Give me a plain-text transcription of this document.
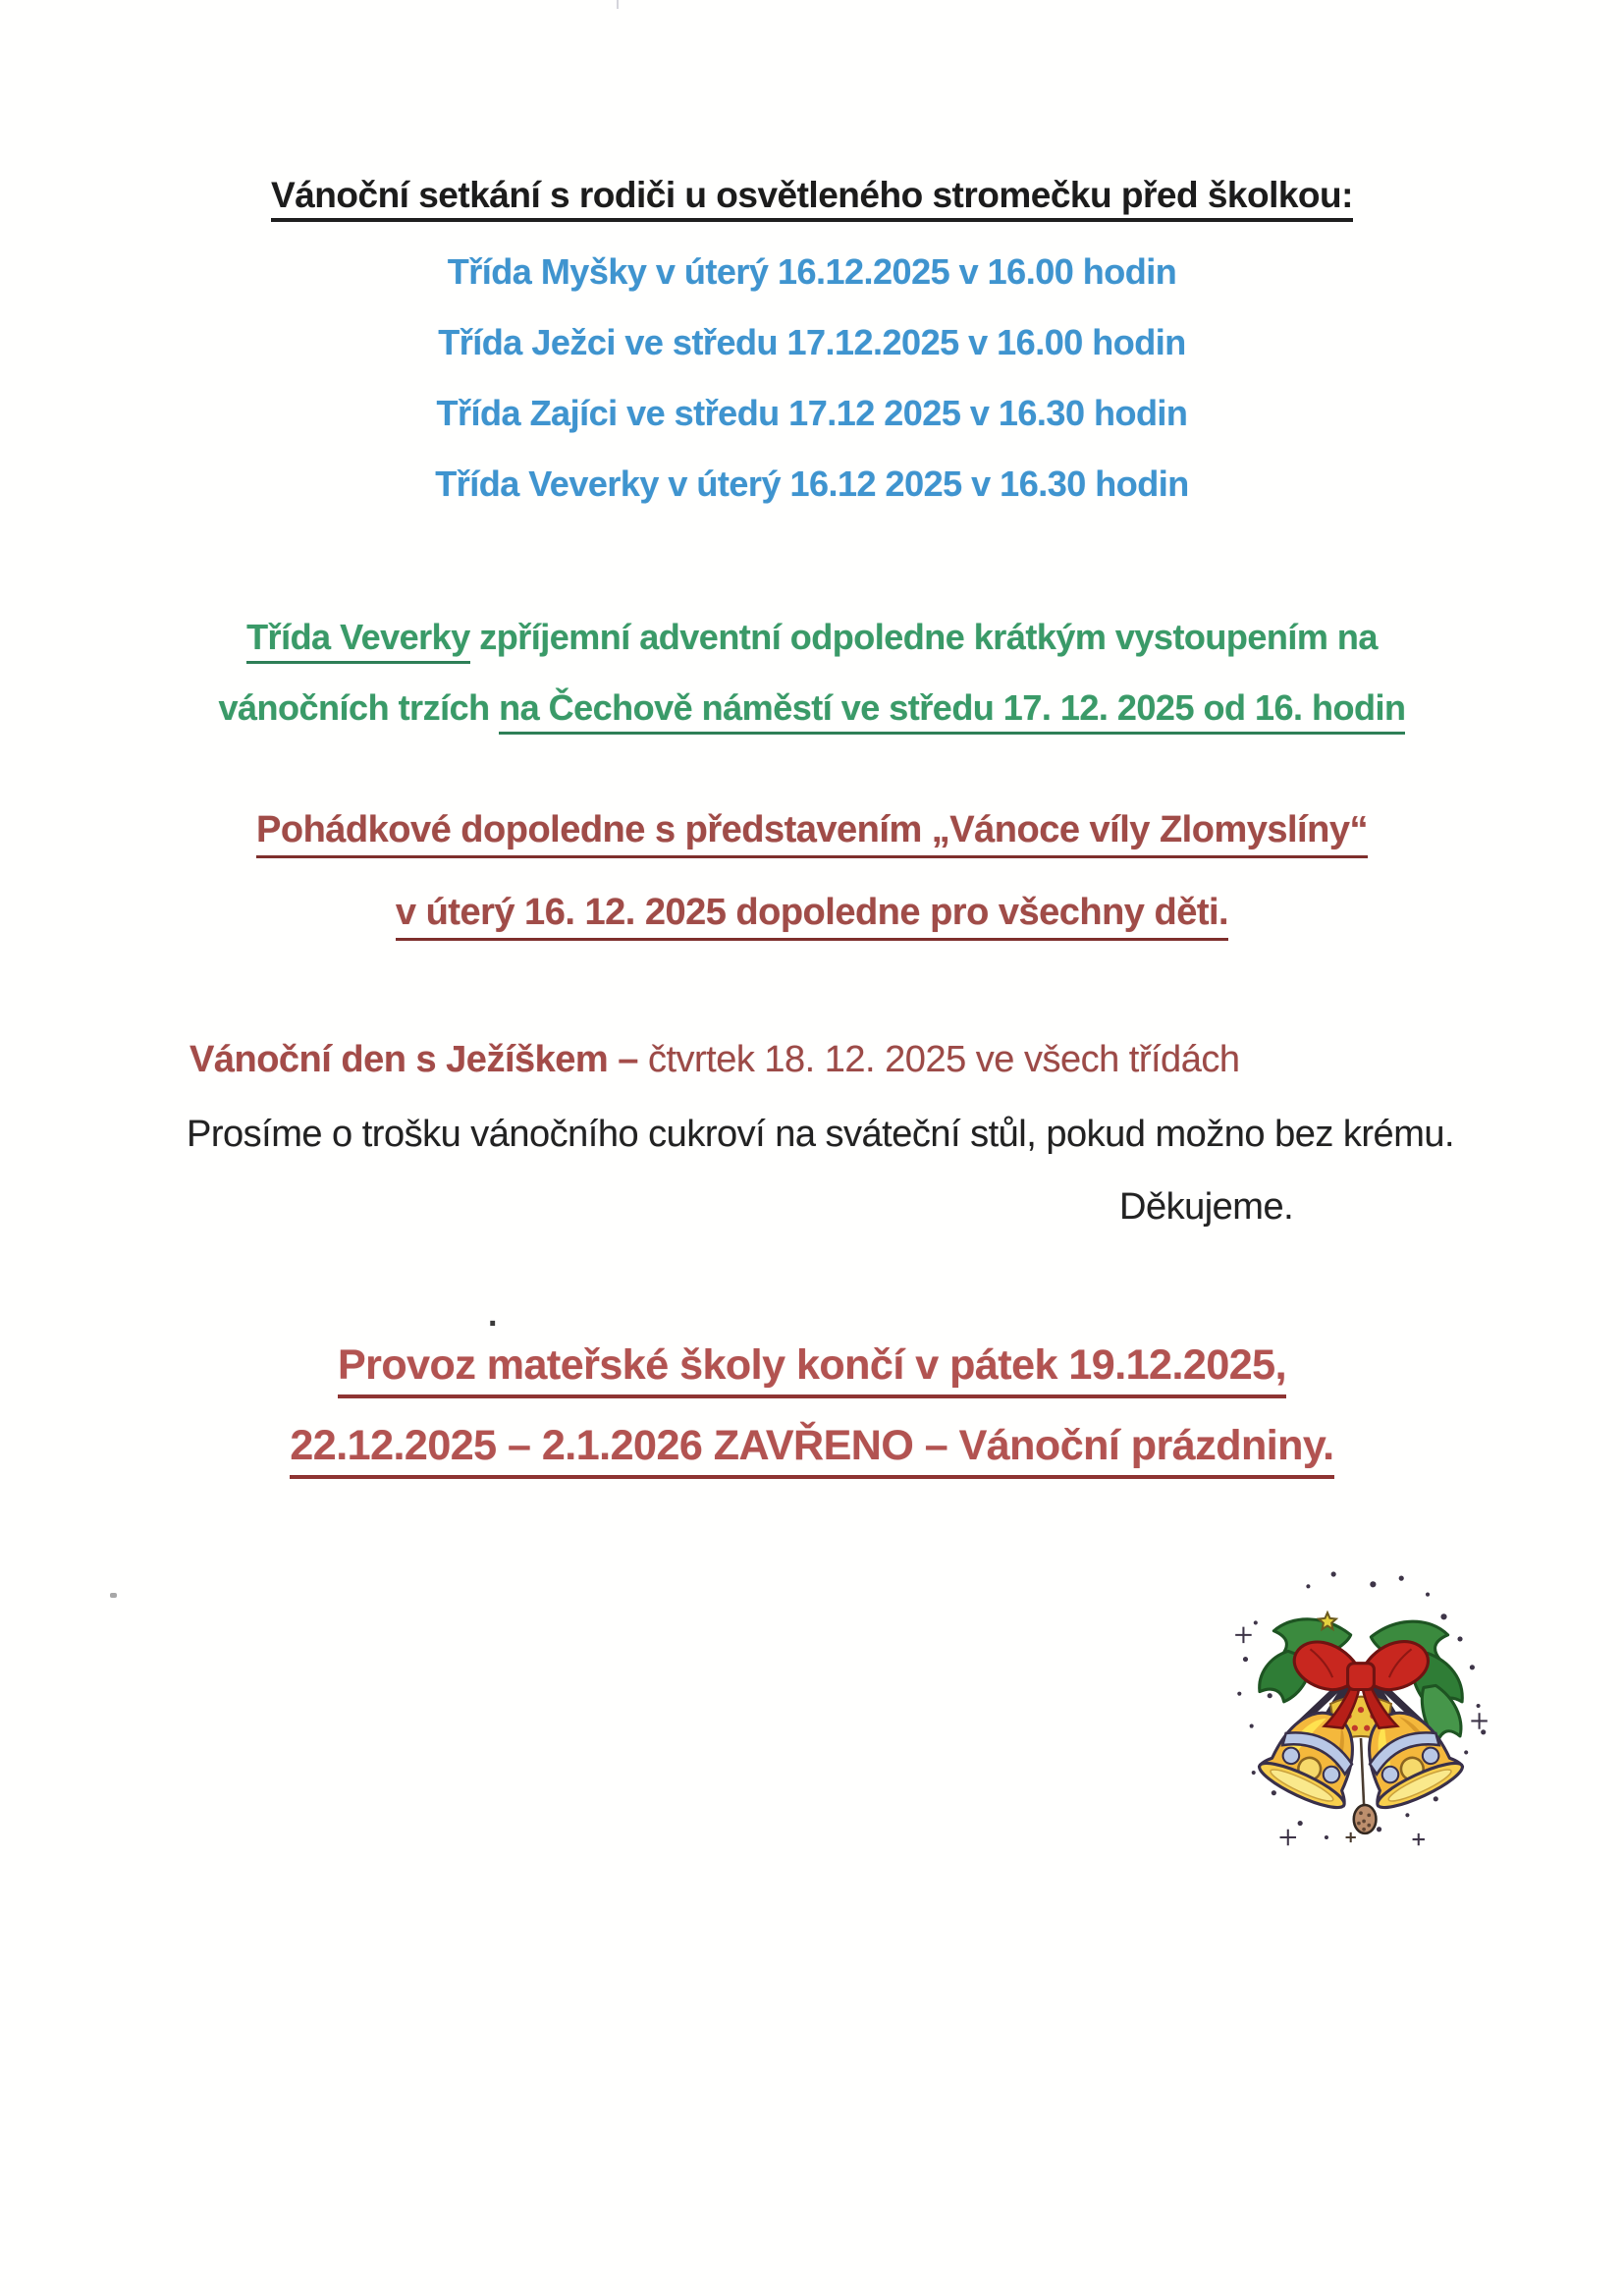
Vánoční setkání s rodiči u osvětleného stromečku před školkou:
Třída Myšky v úterý 16.12.2025 v 16.00 hodin
Třída Ježci ve středu 17.12.2025 v 16.00 hodin
Třída Zajíci ve středu 17.12 2025 v 16.30 hodin
Třída Veverky v úterý 16.12 2025 v 16.30 hodin
Třída Veverky zpříjemní adventní odpoledne krátkým vystoupením na
vánočních trzích na Čechově náměstí ve středu 17. 12. 2025 od 16. hodin
Pohádkové dopoledne s představením „Vánoce víly Zlomyslíny“
v úterý 16. 12. 2025 dopoledne pro všechny děti.
Vánoční den s Ježíškem – čtvrtek 18. 12. 2025 ve všech třídách
Prosíme o trošku vánočního cukroví na sváteční stůl, pokud možno bez krému.
Děkujeme.
.
Provoz mateřské školy končí v pátek 19.12.2025,
22.12.2025 – 2.1.2026 ZAVŘENO – Vánoční prázdniny.
